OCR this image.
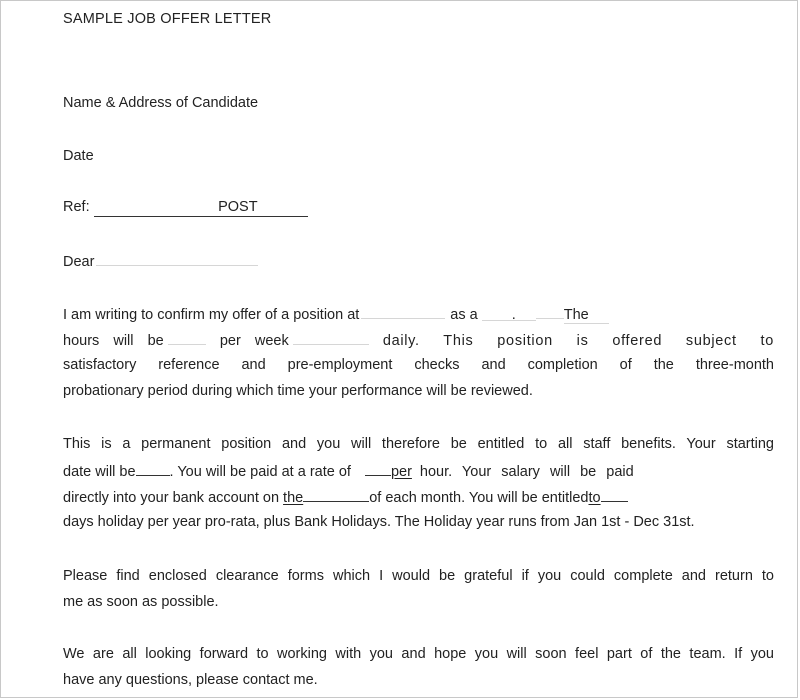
SAMPLE JOB OFFER LETTER
Name & Address of Candidate
Date
Ref:	POST
Dear
I am writing to confirm my offer of a position at	as a .	The
hours will be	per week	daily. This position is offered subject to
satisfactory reference and pre-employment checks and completion of the three-month
probationary period during which time your performance will be reviewed.
This is a permanent position and you will therefore be entitled to all staff benefits. Your starting
date will be . You will be paid at a rate of	per hour. Your salary will be paid
directly into your bank account on the	of each month. You will be entitledto
days holiday per year pro-rata, plus Bank Holidays. The Holiday year runs from Jan 1st - Dec 31st.
Please find enclosed clearance forms which I would be grateful if you could complete and return to
me as soon as possible.
We are all looking forward to working with you and hope you will soon feel part of the team. If you
have any questions, please contact me.
